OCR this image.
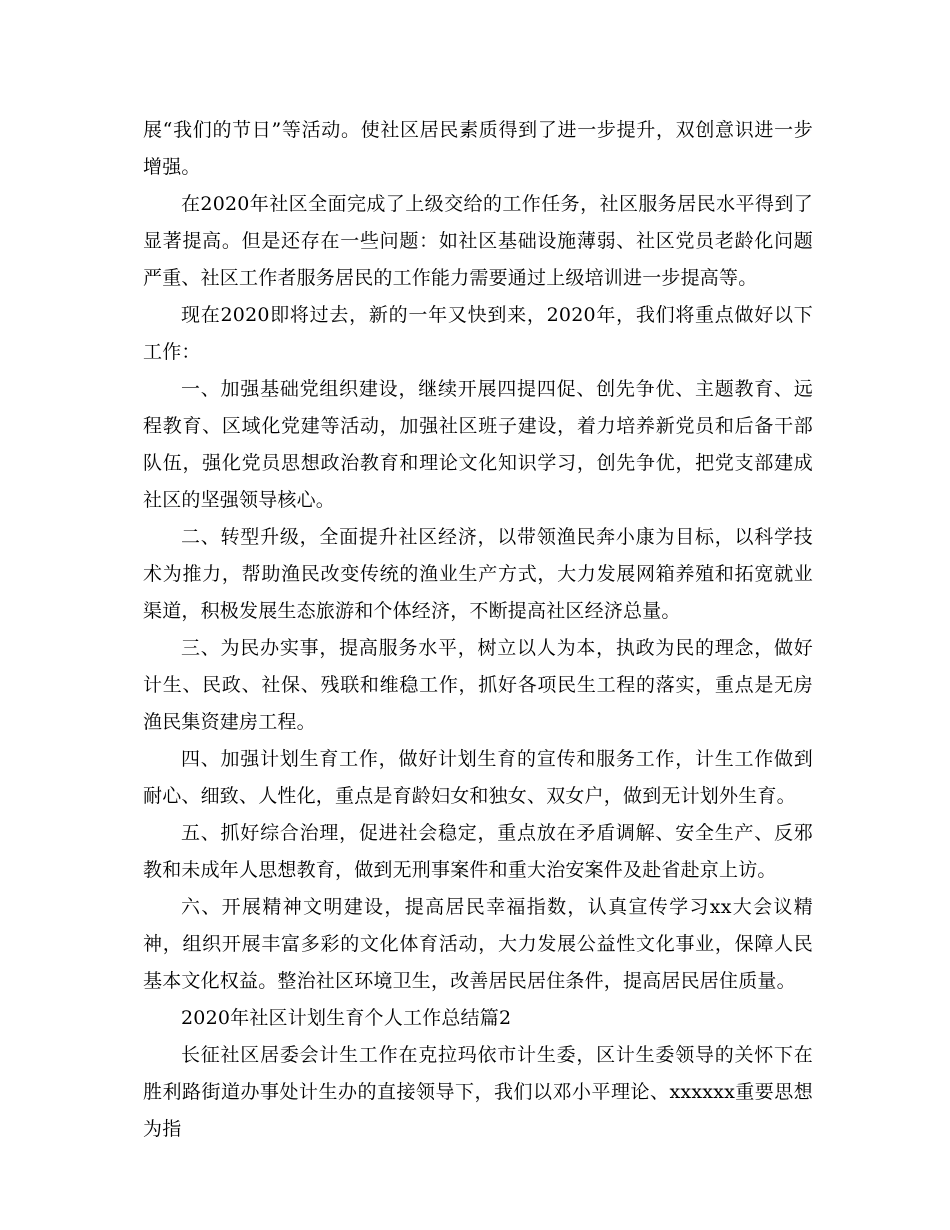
展“我们的节日”等活动。使社区居民素质得到了进一步提升，双创意识进一步增强。

在2020年社区全面完成了上级交给的工作任务，社区服务居民水平得到了显著提高。但是还存在一些问题：如社区基础设施薄弱、社区党员老龄化问题严重、社区工作者服务居民的工作能力需要通过上级培训进一步提高等。

现在2020即将过去，新的一年又快到来，2020年，我们将重点做好以下工作：

一、加强基础党组织建设，继续开展四提四促、创先争优、主题教育、远程教育、区域化党建等活动，加强社区班子建设，着力培养新党员和后备干部队伍，强化党员思想政治教育和理论文化知识学习，创先争优，把党支部建成社区的坚强领导核心。

二、转型升级，全面提升社区经济，以带领渔民奔小康为目标，以科学技术为推力，帮助渔民改变传统的渔业生产方式，大力发展网箱养殖和拓宽就业渠道，积极发展生态旅游和个体经济，不断提高社区经济总量。

三、为民办实事，提高服务水平，树立以人为本，执政为民的理念，做好计生、民政、社保、残联和维稳工作，抓好各项民生工程的落实，重点是无房渔民集资建房工程。

四、加强计划生育工作，做好计划生育的宣传和服务工作，计生工作做到耐心、细致、人性化，重点是育龄妇女和独女、双女户，做到无计划外生育。

五、抓好综合治理，促进社会稳定，重点放在矛盾调解、安全生产、反邪教和未成年人思想教育，做到无刑事案件和重大治安案件及赴省赴京上访。

六、开展精神文明建设，提高居民幸福指数，认真宣传学习xx大会议精神，组织开展丰富多彩的文化体育活动，大力发展公益性文化事业，保障人民基本文化权益。整治社区环境卫生，改善居民居住条件，提高居民居住质量。

2020年社区计划生育个人工作总结篇2

长征社区居委会计生工作在克拉玛依市计生委，区计生委领导的关怀下在胜利路街道办事处计生办的直接领导下，我们以邓小平理论、xxxxxx重要思想为指
